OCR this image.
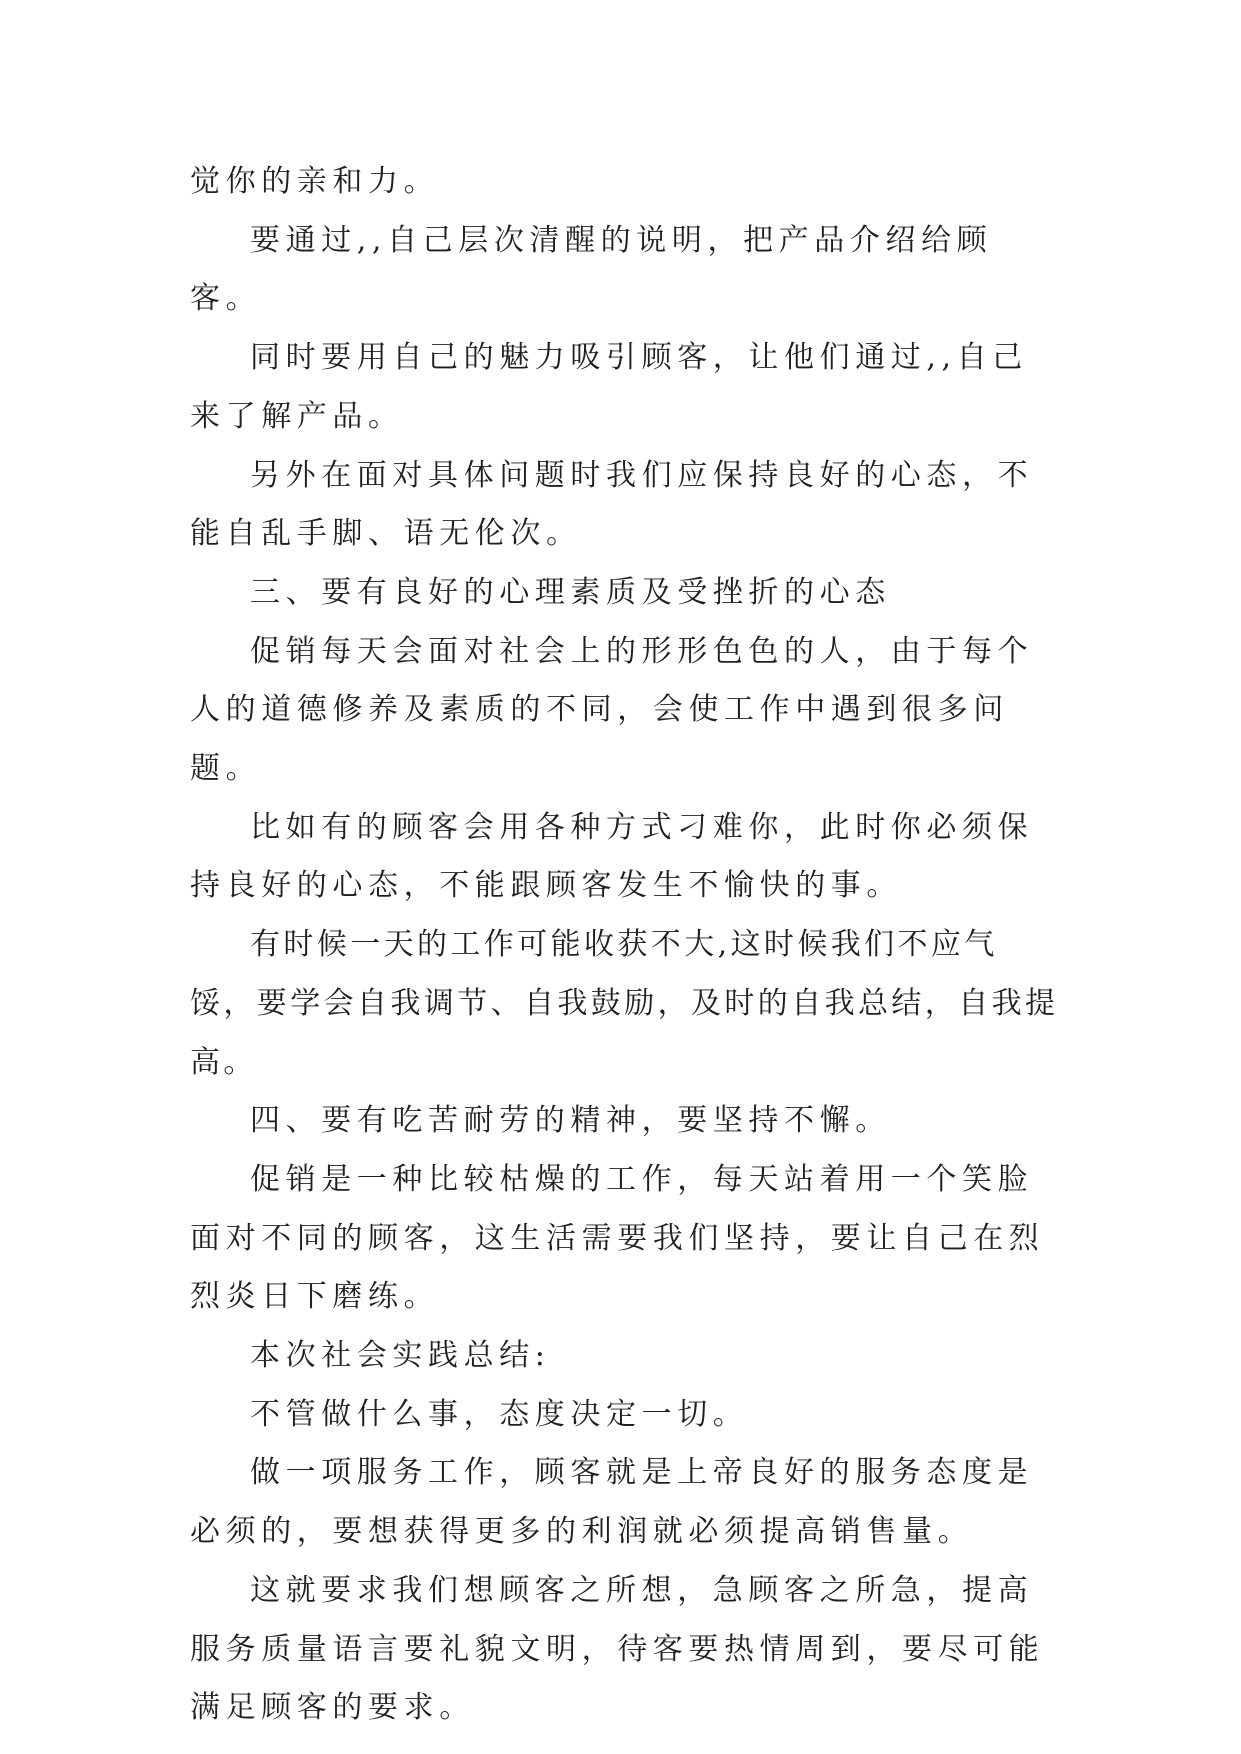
觉你的亲和力。

要通过,,自己层次清醒的说明，把产品介绍给顾客。

同时要用自己的魅力吸引顾客，让他们通过,,自己来了解产品。

另外在面对具体问题时我们应保持良好的心态，不能自乱手脚、语无伦次。

三、要有良好的心理素质及受挫折的心态

促销每天会面对社会上的形形色色的人，由于每个人的道德修养及素质的不同，会使工作中遇到很多问题。

比如有的顾客会用各种方式刁难你，此时你必须保持良好的心态，不能跟顾客发生不愉快的事。

有时候一天的工作可能收获不大,这时候我们不应气馁，要学会自我调节、自我鼓励，及时的自我总结，自我提高。

四、要有吃苦耐劳的精神，要坚持不懈。

促销是一种比较枯燥的工作，每天站着用一个笑脸面对不同的顾客，这生活需要我们坚持，要让自己在烈烈炎日下磨练。

本次社会实践总结:

不管做什么事，态度决定一切。

做一项服务工作，顾客就是上帝良好的服务态度是必须的，要想获得更多的利润就必须提高销售量。

这就要求我们想顾客之所想，急顾客之所急，提高服务质量语言要礼貌文明，待客要热情周到，要尽可能满足顾客的要求。
